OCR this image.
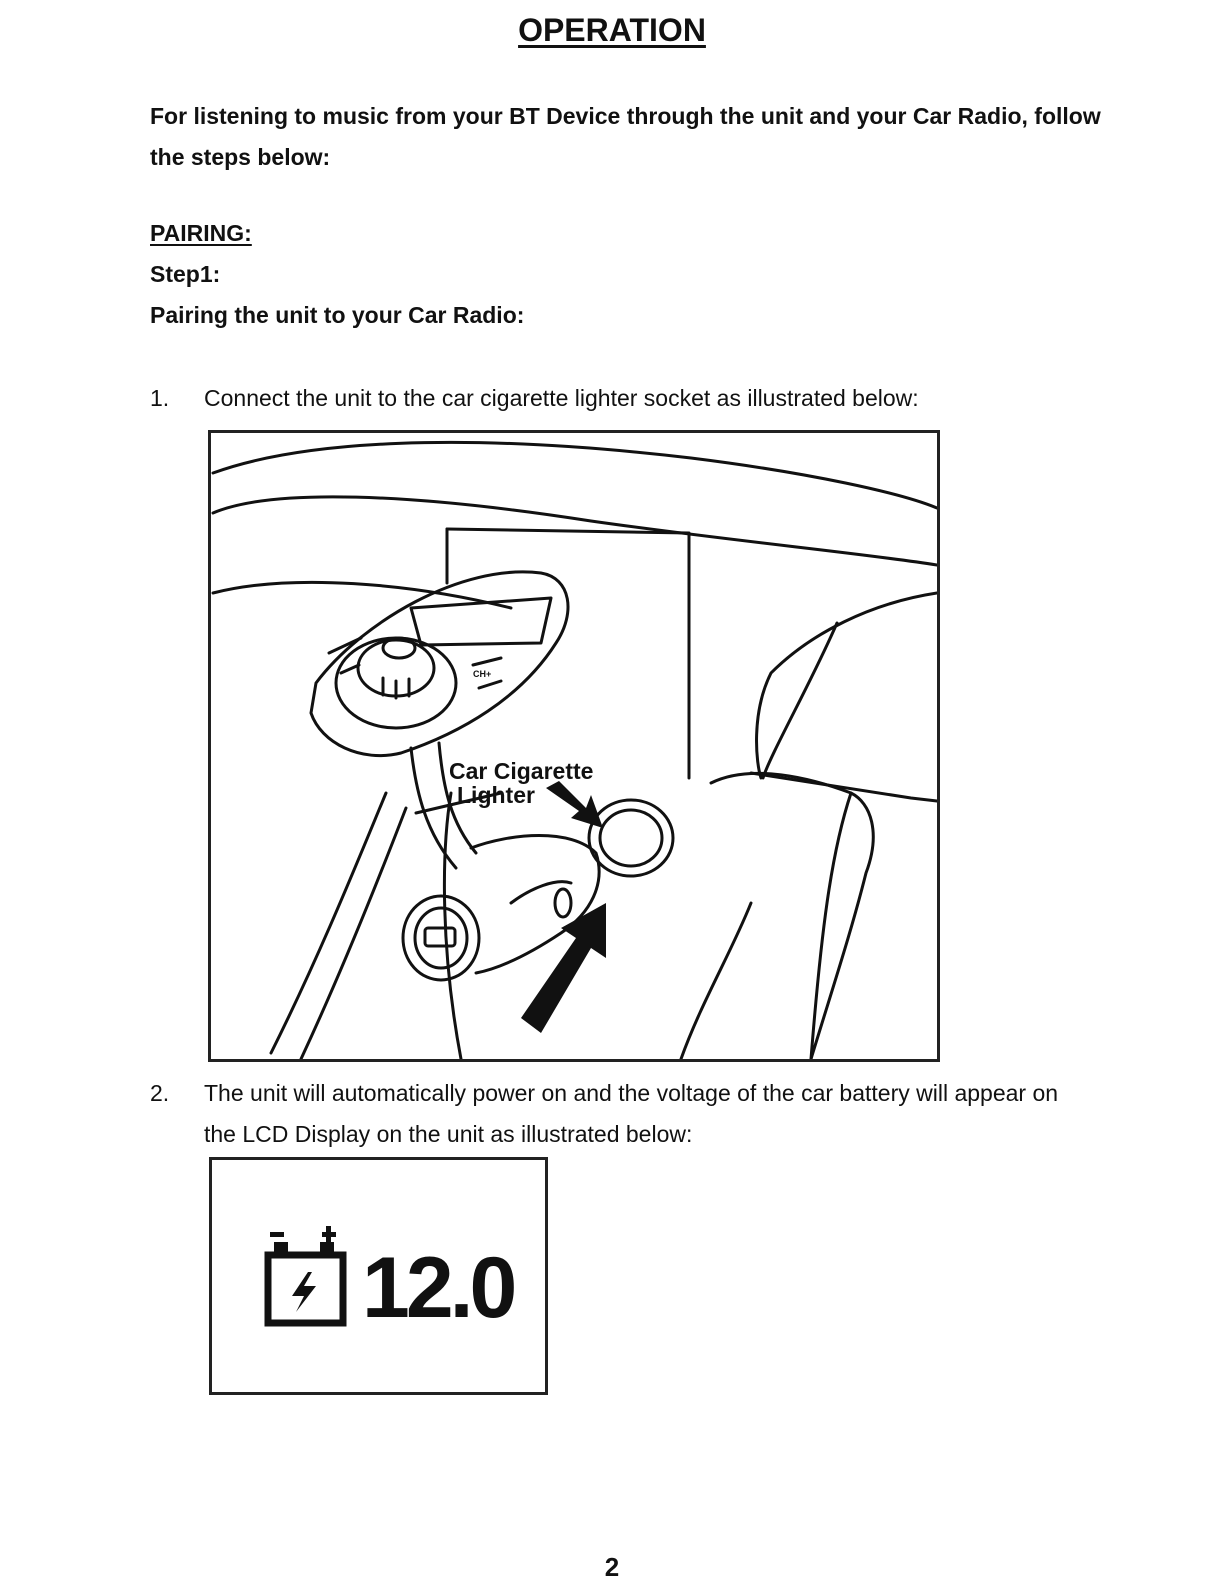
OPERATION
For listening to music from your BT Device through the unit and your Car Radio, follow the steps below:
PAIRING:
Step1:
Pairing the unit to your Car Radio:
1. Connect the unit to the car cigarette lighter socket as illustrated below:
Car Cigarette
Lighter
CH+
2. The unit will automatically power on and the voltage of the car battery will appear on the LCD Display on the unit as illustrated below:
12.0
2
